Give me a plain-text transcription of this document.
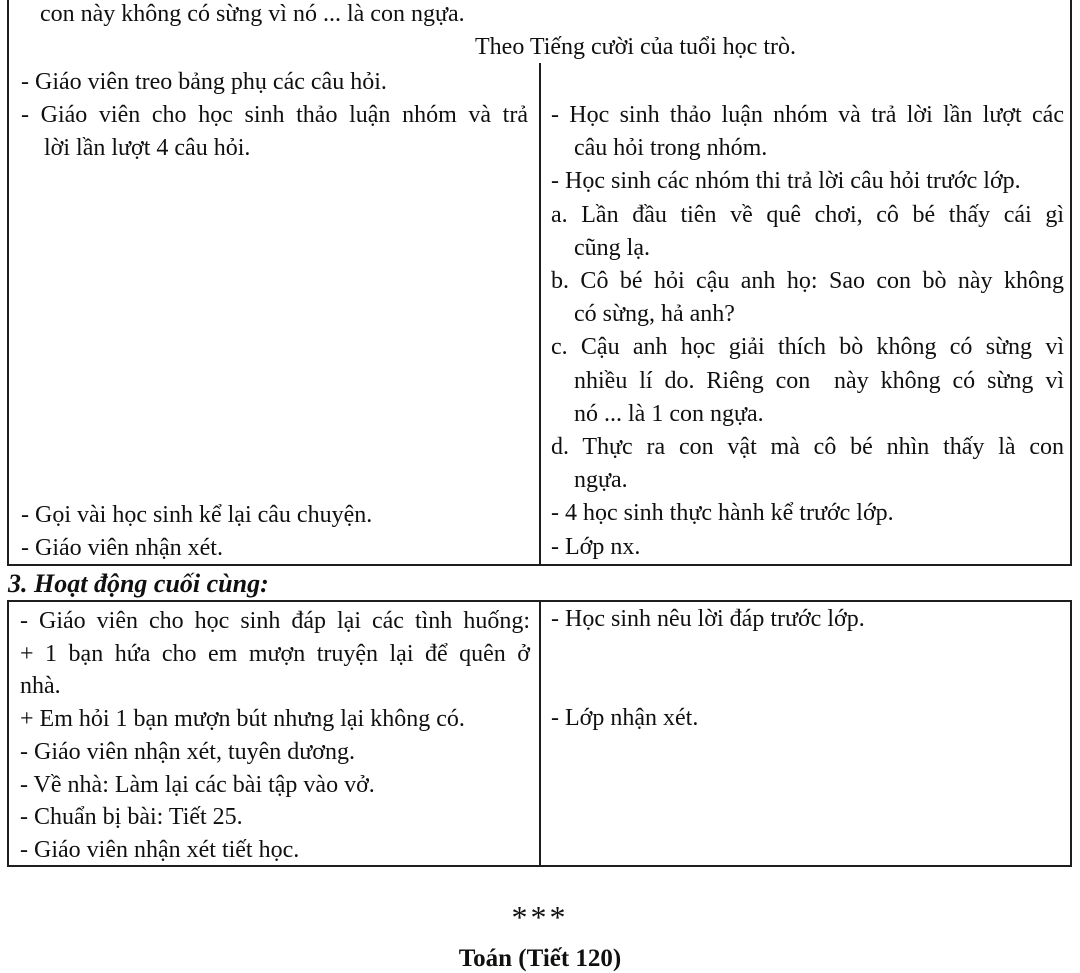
con này không có sừng vì nó ... là con ngựa.
Theo Tiếng cười của tuổi học trò.
- Giáo viên treo bảng phụ các câu hỏi.
- Giáo viên cho học sinh thảo luận nhóm và trả
lời lần lượt 4 câu hỏi.
- Gọi vài học sinh kể lại câu chuyện.
- Giáo viên nhận xét.
- Học sinh thảo luận nhóm và trả lời lần lượt các
câu hỏi trong nhóm.
- Học sinh các nhóm thi trả lời câu hỏi trước lớp.
a. Lần đầu tiên về quê chơi, cô bé thấy cái gì
cũng lạ.
b. Cô bé hỏi cậu anh họ: Sao con bò này không
có sừng, hả anh?
c. Cậu anh học giải thích bò không có sừng vì
nhiều lí do. Riêng con  này không có sừng vì
nó ... là 1 con ngựa.
d. Thực ra con vật mà cô bé nhìn thấy là con
ngựa.
- 4 học sinh thực hành kể trước lớp.
- Lớp nx.
3. Hoạt động cuối cùng:
- Giáo viên cho học sinh đáp lại các tình huống:
+ 1 bạn hứa cho em mượn truyện lại để quên ở
nhà.
+ Em hỏi 1 bạn mượn bút nhưng lại không có.
- Giáo viên nhận xét, tuyên dương.
- Về nhà: Làm lại các bài tập vào vở.
- Chuẩn bị bài: Tiết 25.
- Giáo viên nhận xét tiết học.
- Học sinh nêu lời đáp trước lớp.
- Lớp nhận xét.
***
Toán (Tiết 120)
